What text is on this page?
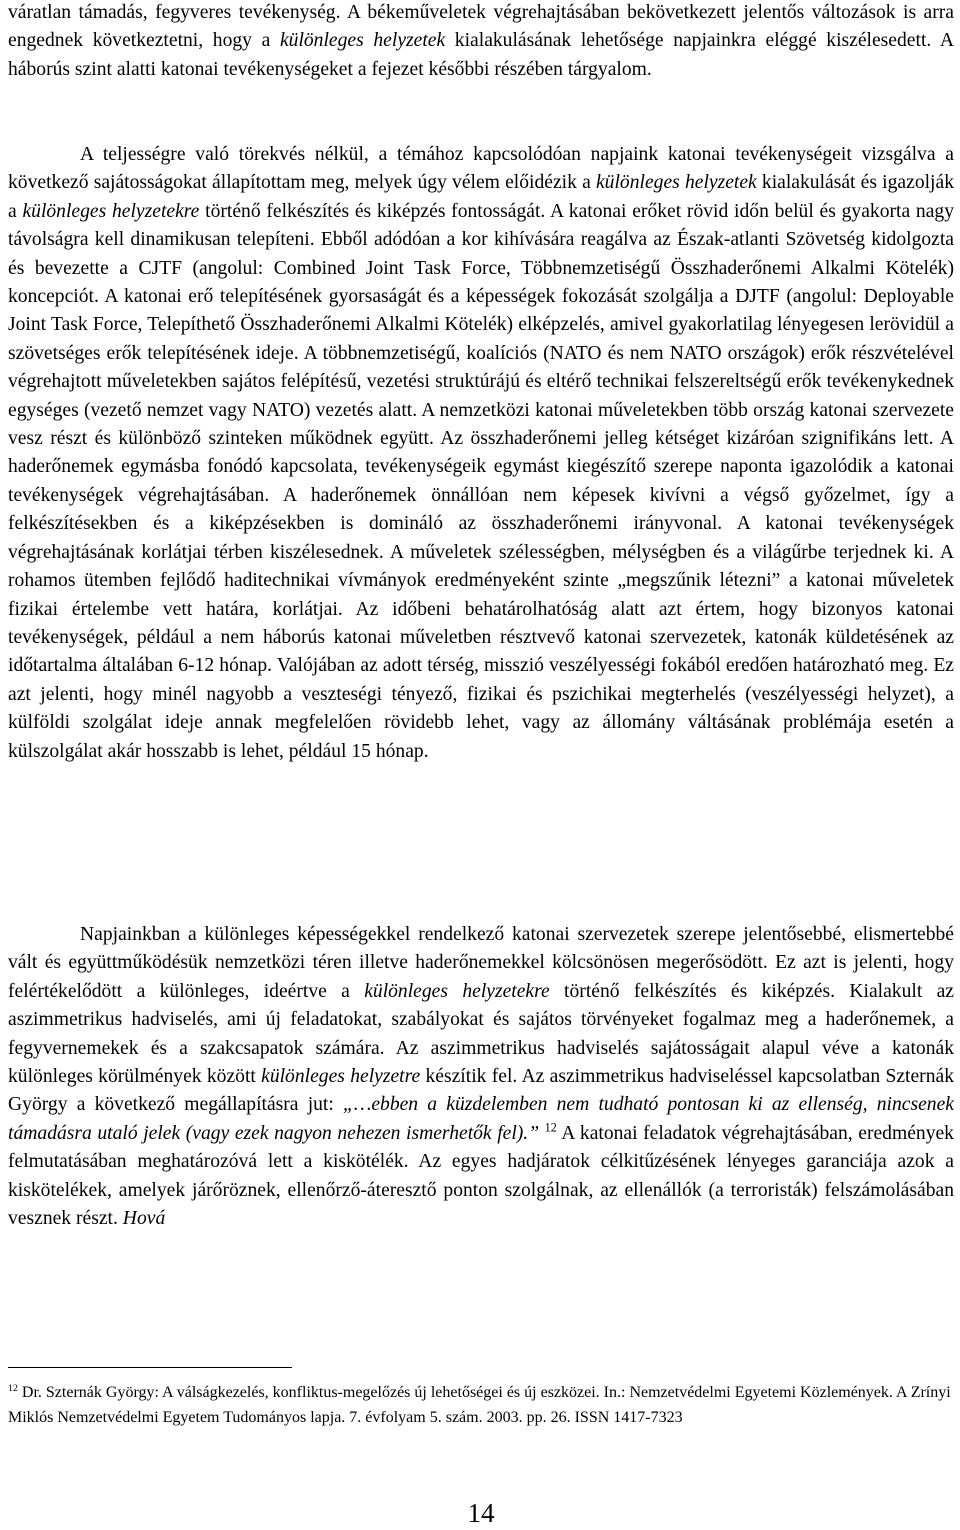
váratlan támadás, fegyveres tevékenység. A békeműveletek végrehajtásában bekövetkezett jelentős változások is arra engednek következtetni, hogy a különleges helyzetek kialakulásának lehetősége napjainkra eléggé kiszélesedett. A háborús szint alatti katonai tevékenységeket a fejezet későbbi részében tárgyalom.

A teljességre való törekvés nélkül, a témához kapcsolódóan napjaink katonai tevékenységeit vizsgálva a következő sajátosságokat állapítottam meg, melyek úgy vélem előidézik a különleges helyzetek kialakulását és igazolják a különleges helyzetekre történő felkészítés és kiképzés fontosságát. A katonai erőket rövid időn belül és gyakorta nagy távolságra kell dinamikusan telepíteni. Ebből adódóan a kor kihívására reagálva az Észak-atlanti Szövetség kidolgozta és bevezette a CJTF (angolul: Combined Joint Task Force, Többnemzetiségű Összhaderőnemi Alkalmi Kötelék) koncepciót. A katonai erő telepítésének gyorsaságát és a képességek fokozását szolgálja a DJTF (angolul: Deployable Joint Task Force, Telepíthető Összhaderőnemi Alkalmi Kötelék) elképzelés, amivel gyakorlatilag lényegesen lerövidül a szövetséges erők telepítésének ideje. A többnemzetiségű, koalíciós (NATO és nem NATO országok) erők részvételével végrehajtott műveletekben sajátos felépítésű, vezetési struktúrájú és eltérő technikai felszereltségű erők tevékenykednek egységes (vezető nemzet vagy NATO) vezetés alatt. A nemzetközi katonai műveletekben több ország katonai szervezete vesz részt és különböző szinteken működnek együtt. Az összhaderőnemi jelleg kétséget kizáróan szignifikáns lett. A haderőnemek egymásba fonódó kapcsolata, tevékenységeik egymást kiegészítő szerepe naponta igazolódik a katonai tevékenységek végrehajtásában. A haderőnemek önnállóan nem képesek kivívni a végső győzelmet, így a felkészítésekben és a kiképzésekben is domináló az összhaderőnemi irányvonal. A katonai tevékenységek végrehajtásának korlátjai térben kiszélesednek. A műveletek szélességben, mélységben és a világűrbe terjednek ki. A rohamos ütemben fejlődő haditechnikai vívmányok eredményeként szinte „megszűnik létezni” a katonai műveletek fizikai értelembe vett határa, korlátjai. Az időbeni behatárolhatóság alatt azt értem, hogy bizonyos katonai tevékenységek, például a nem háborús katonai műveletben résztvevő katonai szervezetek, katonák küldetésének az időtartalma általában 6-12 hónap. Valójában az adott térség, misszió veszélyességi fokából eredően határozható meg. Ez azt jelenti, hogy minél nagyobb a veszteségi tényező, fizikai és pszichikai megterhelés (veszélyességi helyzet), a külföldi szolgálat ideje annak megfelelően rövidebb lehet, vagy az állomány váltásának problémája esetén a külszolgálat akár hosszabb is lehet, például 15 hónap.

Napjainkban a különleges képességekkel rendelkező katonai szervezetek szerepe jelentősebbé, elismertebbé vált és együttműködésük nemzetközi téren illetve haderőnemekkel kölcsönösen megerősödött. Ez azt is jelenti, hogy felértékelődött a különleges, ideértve a különleges helyzetekre történő felkészítés és kiképzés. Kialakult az aszimmetrikus hadviselés, ami új feladatokat, szabályokat és sajátos törvényeket fogalmaz meg a haderőnemek, a fegyvernemekek és a szakcsapatok számára. Az aszimmetrikus hadviselés sajátosságait alapul véve a katonák különleges körülmények között különleges helyzetre készítik fel. Az aszimmetrikus hadviseléssel kapcsolatban Szternák György a következő megállapításra jut: „…ebben a küzdelemben nem tudható pontosan ki az ellenség, nincsenek támadásra utaló jelek (vagy ezek nagyon nehezen ismerhetők fel).” $^{12}$ A katonai feladatok végrehajtásában, eredmények felmutatásában meghatározóvá lett a kiskötélék. Az egyes hadjáratok célkitűzésének lényeges garanciája azok a kiskötelékek, amelyek járőröznek, ellenőrző-áteresztő ponton szolgálnak, az ellenállók (a terroristák) felszámolásában vesznek részt. Hová

$^{12}$ Dr. Szternák György: A válságkezelés, konfliktus-megelőzés új lehetőségei és új eszközei. In.: Nemzetvédelmi Egyetemi Közlemények. A Zrínyi Miklós Nemzetvédelmi Egyetem Tudományos lapja. 7. évfolyam 5. szám. 2003. pp. 26. ISSN 1417-7323

14
